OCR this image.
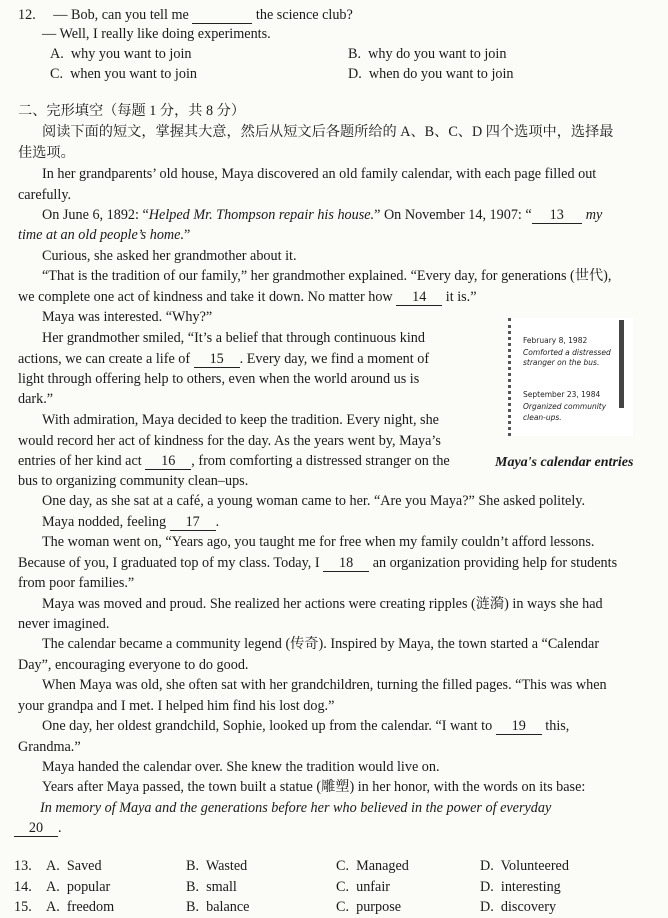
12. — Bob, can you tell me	the science club?
— Well, I really like doing experiments.
A. why you want to join	B. why do you want to join
C. when you want to join	D. when do you want to join
二、完形填空（每题 1 分，共 8 分）
阅读下面的短文，掌握其大意，然后从短文后各题所给的 A、B、C、D 四个选项中，选择最
佳选项。
In her grandparents’ old house, Maya discovered an old family calendar, with each page filled out
carefully.
On June 6, 1892: “Helped Mr. Thompson repair his house.” On November 14, 1907: “ 13 my
time at an old people’s home.”
Curious, she asked her grandmother about it.
“That is the tradition of our family,” her grandmother explained. “Every day, for generations (世代),
we complete one act of kindness and take it down. No matter how 14 it is.”
Maya was interested. “Why?”
Her grandmother smiled, “It’s a belief that through continuous kind
actions, we can create a life of 15 . Every day, we find a moment of
light through offering help to others, even when the world around us is
dark.”
With admiration, Maya decided to keep the tradition. Every night, she
would record her act of kindness for the day. As the years went by, Maya’s
entries of her kind act 16 , from comforting a distressed stranger on the
bus to organizing community clean–ups.
One day, as she sat at a café, a young woman came to her. “Are you Maya?” She asked politely.
Maya nodded, feeling 17 .
The woman went on, “Years ago, you taught me for free when my family couldn’t afford lessons.
Because of you, I graduated top of my class. Today, I 18 an organization providing help for students
from poor families.”
Maya was moved and proud. She realized her actions were creating ripples (涟漪) in ways she had
never imagined.
The calendar became a community legend (传奇). Inspired by Maya, the town started a “Calendar
Day”, encouraging everyone to do good.
When Maya was old, she often sat with her grandchildren, turning the filled pages. “This was when
your grandpa and I met. I helped him find his lost dog.”
One day, her oldest grandchild, Sophie, looked up from the calendar. “I want to 19 this,
Grandma.”
Maya handed the calendar over. She knew the tradition would live on.
Years after Maya passed, the town built a statue (雕塑) in her honor, with the words on its base:
In memory of Maya and the generations before her who believed in the power of everyday
20 .
February 8, 1982
Comforted a distressed
stranger on the bus.
September 23, 1984
Organized community
clean-ups.
Maya's calendar entries
13. A. Saved	B. Wasted	C. Managed	D. Volunteered
14. A. popular	B. small	C. unfair	D. interesting
15. A. freedom	B. balance	C. purpose	D. discovery
